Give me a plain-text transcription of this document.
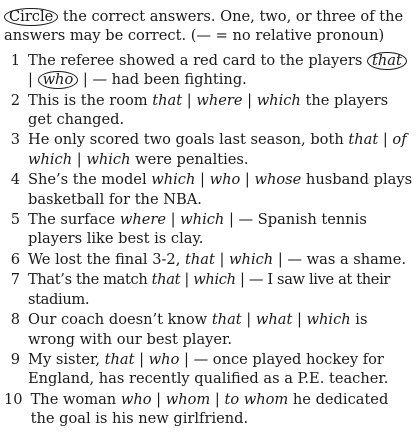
Circle the correct answers. One, two, or three of the answers may be correct. (— = no relative pronoun)

1 The referee showed a red card to the players that | who | — had been fighting.
2 This is the room that | where | which the players get changed.
3 He only scored two goals last season, both that | of which | which were penalties.
4 She’s the model which | who | whose husband plays basketball for the NBA.
5 The surface where | which | — Spanish tennis players like best is clay.
6 We lost the final 3-2, that | which | — was a shame.
7 That’s the match that | which | — I saw live at their stadium.
8 Our coach doesn’t know that | what | which is wrong with our best player.
9 My sister, that | who | — once played hockey for England, has recently qualified as a P.E. teacher.
10 The woman who | whom | to whom he dedicated the goal is his new girlfriend.
